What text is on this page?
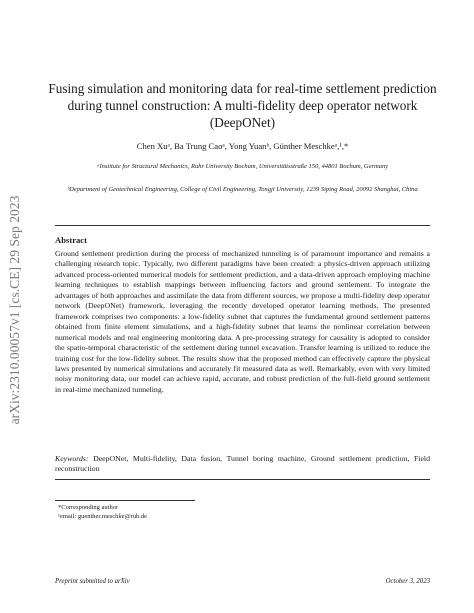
arXiv:2310.00057v1 [cs.CE] 29 Sep 2023
Fusing simulation and monitoring data for real-time settlement prediction during tunnel construction: A multi-fidelity deep operator network (DeepONet)
Chen Xuᵃ, Ba Trung Caoᵃ, Yong Yuanᵇ, Günther Meschkeᵃ,¹,*
ᵃInstitute for Structural Mechanics, Ruhr University Bochum, Universitätsstraße 150, 44801 Bochum, Germany
ᵇDepartment of Geotechnical Engineering, College of Civil Engineering, Tongji University, 1239 Siping Road, 20092 Shanghai, China
Abstract
Ground settlement prediction during the process of mechanized tunneling is of paramount importance and remains a challenging research topic. Typically, two different paradigms have been created: a physics-driven approach utilizing advanced process-oriented numerical models for settlement prediction, and a data-driven approach employing machine learning techniques to establish mappings between influencing factors and ground settlement. To integrate the advantages of both approaches and assimilate the data from different sources, we propose a multi-fidelity deep operator network (DeepONet) framework, leveraging the recently developed operator learning methods. The presented framework comprises two components: a low-fidelity subnet that captures the fundamental ground settlement patterns obtained from finite element simulations, and a high-fidelity subnet that learns the nonlinear correlation between numerical models and real engineering monitoring data. A pre-processing strategy for causality is adopted to consider the spatio-temporal characteristic of the settlement during tunnel excavation. Transfer learning is utilized to reduce the training cost for the low-fidelity subnet. The results show that the proposed method can effectively capture the physical laws presented by numerical simulations and accurately fit measured data as well. Remarkably, even with very limited noisy monitoring data, our model can achieve rapid, accurate, and robust prediction of the full-field ground settlement in real-time mechanized tunneling.
Keywords: DeepONet, Multi-fidelity, Data fusion, Tunnel boring machine, Ground settlement prediction, Field reconstruction
*Corresponding author
¹email: guenther.meschke@rub.de
Preprint submitted to arXiv	October 3, 2023
